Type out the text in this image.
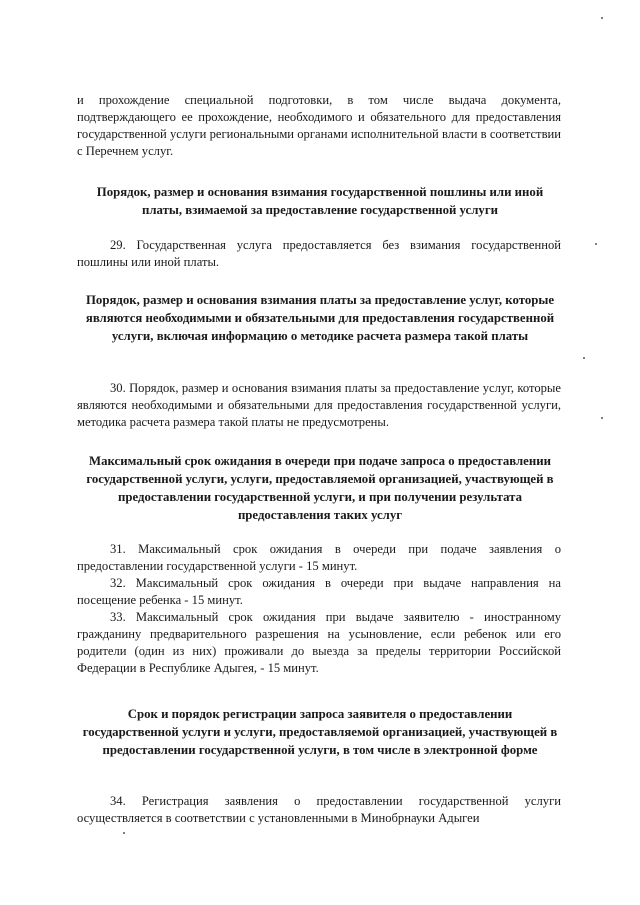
и прохождение специальной подготовки, в том числе выдача документа, подтверждающего ее прохождение, необходимого и обязательного для предоставления государственной услуги региональными органами исполнительной власти в соответствии с Перечнем услуг.

Порядок, размер и основания взимания государственной пошлины или иной платы, взимаемой за предоставление государственной услуги

29. Государственная услуга предоставляется без взимания государственной пошлины или иной платы.

Порядок, размер и основания взимания платы за предоставление услуг, которые являются необходимыми и обязательными для предоставления государственной услуги, включая информацию о методике расчета размера такой платы

30. Порядок, размер и основания взимания платы за предоставление услуг, которые являются необходимыми и обязательными для предоставления государственной услуги, методика расчета размера такой платы не предусмотрены.

Максимальный срок ожидания в очереди при подаче запроса о предоставлении государственной услуги, услуги, предоставляемой организацией, участвующей в предоставлении государственной услуги, и при получении результата предоставления таких услуг

31. Максимальный срок ожидания в очереди при подаче заявления о предоставлении государственной услуги - 15 минут.

32. Максимальный срок ожидания в очереди при выдаче направления на посещение ребенка - 15 минут.

33. Максимальный срок ожидания при выдаче заявителю - иностранному гражданину предварительного разрешения на усыновление, если ребенок или его родители (один из них) проживали до выезда за пределы территории Российской Федерации в Республике Адыгея, - 15 минут.

Срок и порядок регистрации запроса заявителя о предоставлении государственной услуги и услуги, предоставляемой организацией, участвующей в предоставлении государственной услуги, в том числе в электронной форме

34. Регистрация заявления о предоставлении государственной услуги осуществляется в соответствии с установленными в Минобрнауки Адыгеи
